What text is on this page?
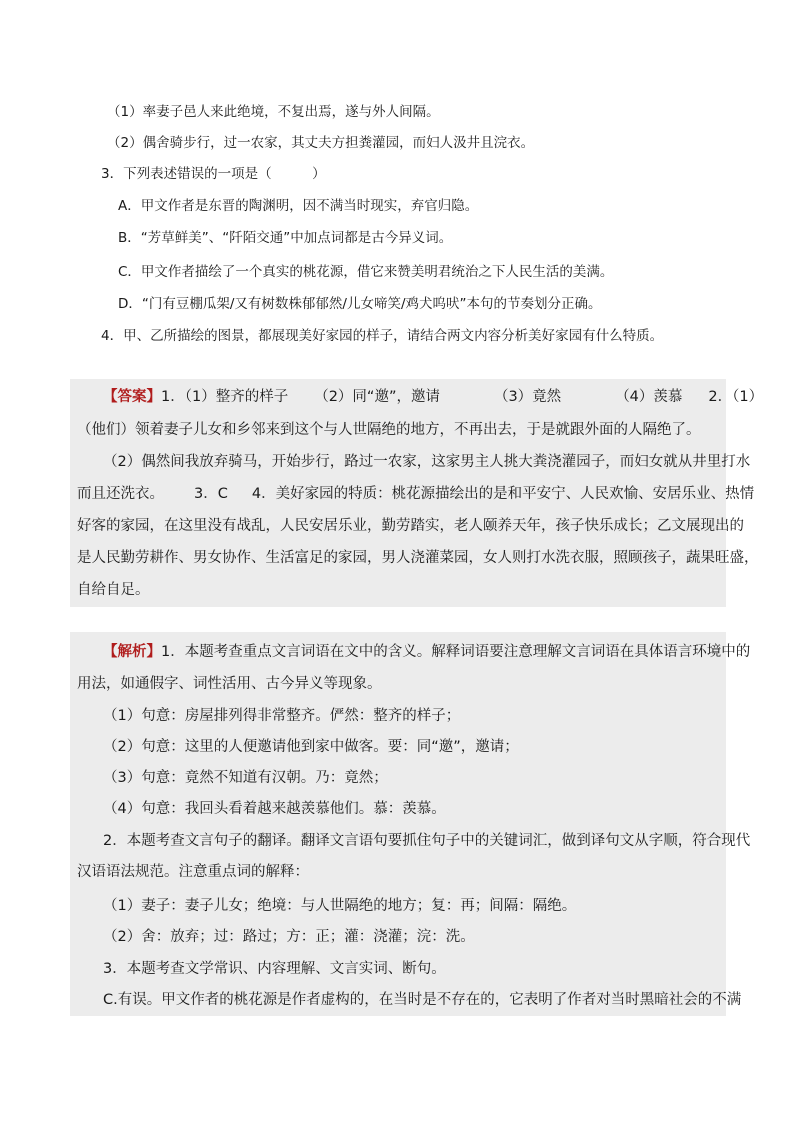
（1）率妻子邑人来此绝境，不复出焉，遂与外人间隔。
（2）偶舍骑步行，过一农家，其丈夫方担粪灌园，而妇人汲井且浣衣。
3．下列表述错误的一项是（　　　）
A．甲文作者是东晋的陶渊明，因不满当时现实，弃官归隐。
B．“芳草鲜美”、“阡陌交通”中加点词都是古今异义词。
C．甲文作者描绘了一个真实的桃花源，借它来赞美明君统治之下人民生活的美满。
D．“门有豆棚瓜架/又有树数株郁郁然/儿女啼笑/鸡犬呜吠”本句的节奏划分正确。
4．甲、乙所描绘的图景，都展现美好家园的样子，请结合两文内容分析美好家园有什么特质。
【答案】1．（1）整齐的样子 （2）同“邀”，邀请	（3）竟然	（4）羡慕 2．（1）
（他们）领着妻子儿女和乡邻来到这个与人世隔绝的地方，不再出去，于是就跟外面的人隔绝了。
（2）偶然间我放弃骑马，开始步行，路过一农家，这家男主人挑大粪浇灌园子，而妇女就从井里打水
而且还洗衣。 3．C 4．美好家园的特质：桃花源描绘出的是和平安宁、人民欢愉、安居乐业、热情
好客的家园，在这里没有战乱，人民安居乐业，勤劳踏实，老人颐养天年，孩子快乐成长；乙文展现出的
是人民勤劳耕作、男女协作、生活富足的家园，男人浇灌菜园，女人则打水洗衣服，照顾孩子，蔬果旺盛，
自给自足。
【解析】1．本题考查重点文言词语在文中的含义。解释词语要注意理解文言词语在具体语言环境中的
用法，如通假字、词性活用、古今异义等现象。
（1）句意：房屋排列得非常整齐。俨然：整齐的样子；
（2）句意：这里的人便邀请他到家中做客。要：同“邀”，邀请；
（3）句意：竟然不知道有汉朝。乃：竟然；
（4）句意：我回头看着越来越羡慕他们。慕：羡慕。
2．本题考查文言句子的翻译。翻译文言语句要抓住句子中的关键词汇，做到译句文从字顺，符合现代
汉语语法规范。注意重点词的解释：
（1）妻子：妻子儿女；绝境：与人世隔绝的地方；复：再；间隔：隔绝。
（2）舍：放弃；过：路过；方：正；灌：浇灌；浣：洗。
3．本题考查文学常识、内容理解、文言实词、断句。
C.有误。甲文作者的桃花源是作者虚构的，在当时是不存在的，它表明了作者对当时黑暗社会的不满
